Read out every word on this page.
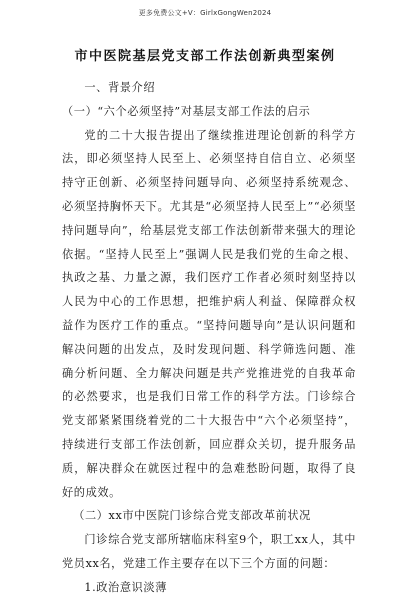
更多免费公文+V：GirlxGongWen2024
市中医院基层党支部工作法创新典型案例

一、背景介绍

（一）“六个必须坚持”对基层支部工作法的启示

党的二十大报告提出了继续推进理论创新的科学方法，即必须坚持人民至上、必须坚持自信自立、必须坚持守正创新、必须坚持问题导向、必须坚持系统观念、必须坚持胸怀天下。尤其是“必须坚持人民至上”“必须坚持问题导向”，给基层党支部工作法创新带来强大的理论依据。“坚持人民至上”强调人民是我们党的生命之根、执政之基、力量之源，我们医疗工作者必须时刻坚持以人民为中心的工作思想，把维护病人利益、保障群众权益作为医疗工作的重点。“坚持问题导向”是认识问题和解决问题的出发点，及时发现问题、科学筛选问题、准确分析问题、全力解决问题是共产党推进党的自我革命的必然要求，也是我们日常工作的科学方法。门诊综合党支部紧紧围绕着党的二十大报告中“六个必须坚持”，持续进行支部工作法创新，回应群众关切，提升服务品质，解决群众在就医过程中的急难愁盼问题，取得了良好的成效。

（二）xx市中医院门诊综合党支部改革前状况

门诊综合党支部所辖临床科室9个，职工xx人，其中党员xx名，党建工作主要存在以下三个方面的问题：

1.政治意识淡薄
